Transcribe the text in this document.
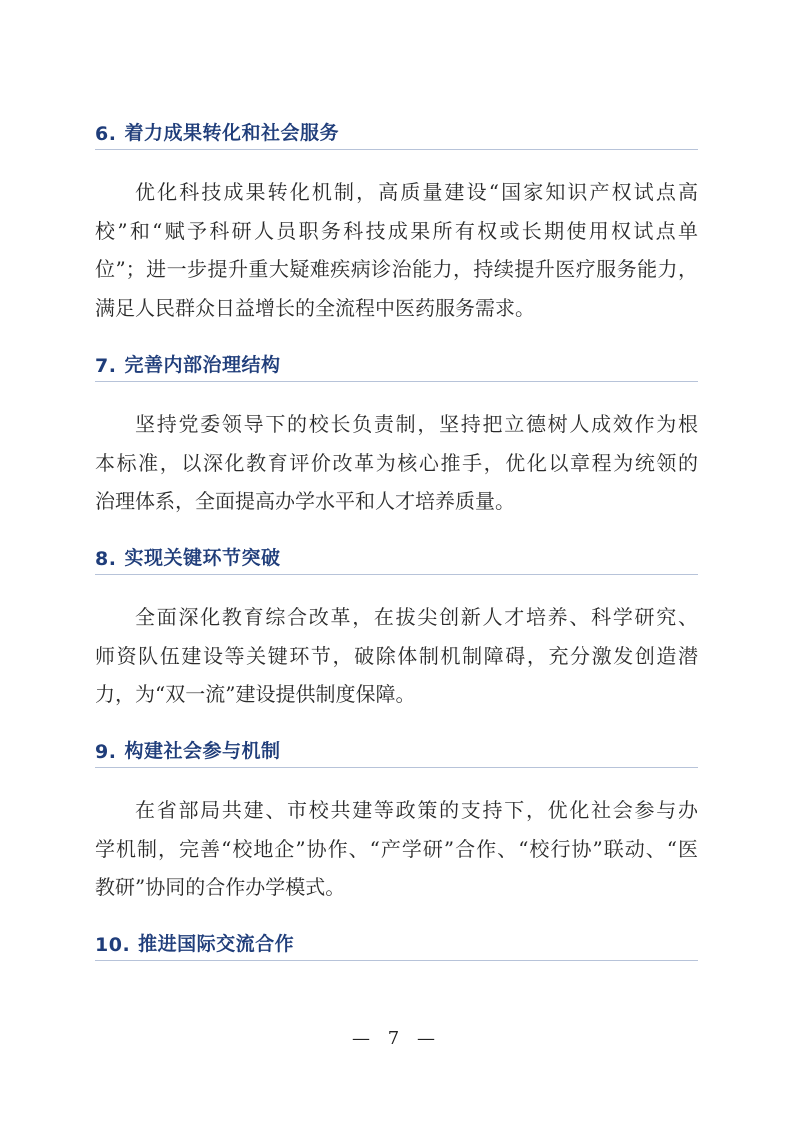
6. 着力成果转化和社会服务
优化科技成果转化机制，高质量建设“国家知识产权试点高
校”和“赋予科研人员职务科技成果所有权或长期使用权试点单
位”；进一步提升重大疑难疾病诊治能力，持续提升医疗服务能力，
满足人民群众日益增长的全流程中医药服务需求。
7. 完善内部治理结构
坚持党委领导下的校长负责制，坚持把立德树人成效作为根
本标准，以深化教育评价改革为核心推手，优化以章程为统领的
治理体系，全面提高办学水平和人才培养质量。
8. 实现关键环节突破
全面深化教育综合改革，在拔尖创新人才培养、科学研究、
师资队伍建设等关键环节，破除体制机制障碍，充分激发创造潜
力，为“双一流”建设提供制度保障。
9. 构建社会参与机制
在省部局共建、市校共建等政策的支持下，优化社会参与办
学机制，完善“校地企”协作、“产学研”合作、“校行协”联动、“医
教研”协同的合作办学模式。
10. 推进国际交流合作
— 7 —
